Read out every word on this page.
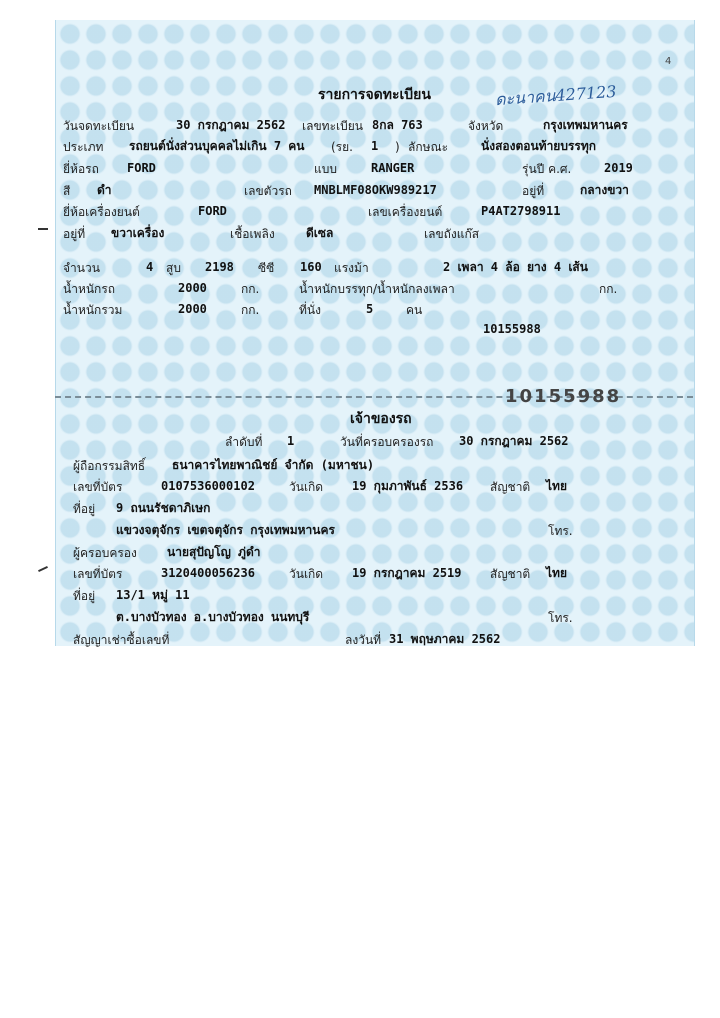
4
รายการจดทะเบียน	ดะนาคน427123
วันจดทะเบียน	30 กรกฎาคม 2562 เลขทะเบียน 8กล 763	จังหวัด	กรุงเทพมหานคร
ประเภท รถยนต์นั่งส่วนบุคคลไม่เกิน 7 คน (รย. 1 ) ลักษณะ	นั่งสองตอนท้ายบรรทุก
ยี่ห้อรถ FORD	แบบ	RANGER	รุ่นปี ค.ศ.	2019
สี ดำ	เลขตัวรถ MNBLMF08OKW989217	อยู่ที่	กลางขวา
ยี่ห้อเครื่องยนต์	FORD	เลขเครื่องยนต์	P4AT2798911
อยู่ที่ ขวาเครื่อง	เชื้อเพลิง	ดีเซล	เลขถังแก๊ส
จำนวน	4 สูบ 2198 ซีซี 160 แรงม้า	2 เพลา 4 ล้อ ยาง 4 เส้น
น้ำหนักรถ	2000	กก.	น้ำหนักบรรทุก/น้ำหนักลงเพลา	กก.
น้ำหนักรวม	2000	กก.	ที่นั่ง	5	คน
10155988
เจ้าของรถ
ลำดับที่ 1	วันที่ครอบครองรถ 30 กรกฎาคม 2562
ผู้ถือกรรมสิทธิ์ ธนาคารไทยพาณิชย์ จำกัด (มหาชน)
เลขที่บัตร	0107536000102	วันเกิด 19 กุมภาพันธ์ 2536 สัญชาติ ไทย
ที่อยู่ 9 ถนนรัชดาภิเษก
แขวงจตุจักร เขตจตุจักร กรุงเทพมหานคร	โทร.
ผู้ครอบครอง	นายสุปัญโญ ภู่ดำ
เลขที่บัตร	3120400056236	วันเกิด 19 กรกฎาคม 2519 สัญชาติ ไทย
ที่อยู่ 13/1 หมู่ 11
ต.บางบัวทอง อ.บางบัวทอง นนทบุรี	โทร.
สัญญาเช่าซื้อเลขที่	ลงวันที่ 31 พฤษภาคม 2562
